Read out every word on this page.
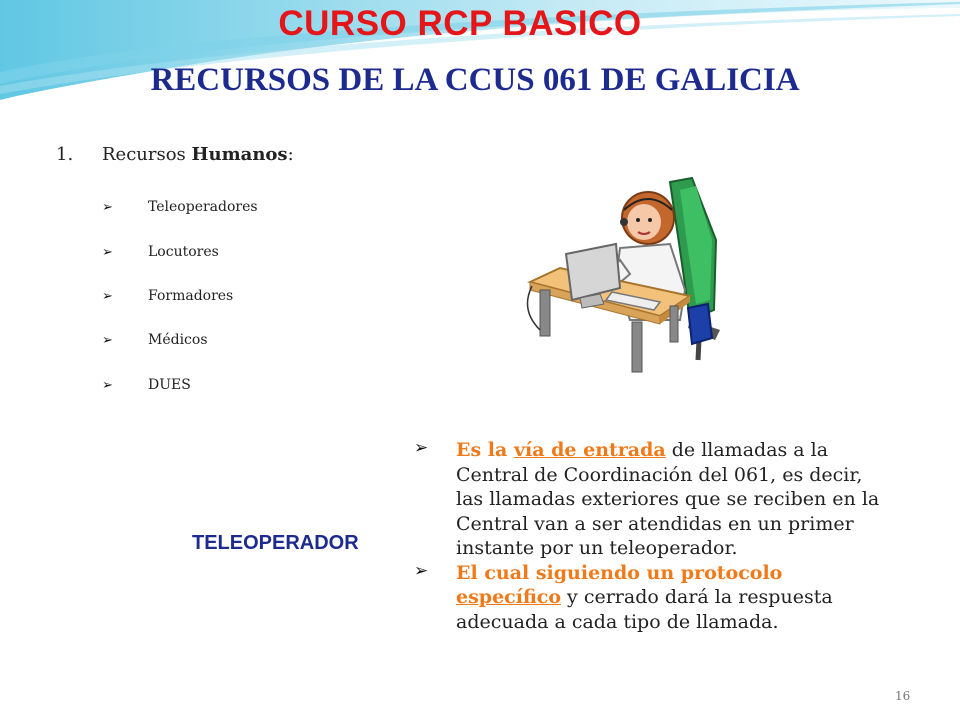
CURSO RCP BASICO
RECURSOS DE LA CCUS 061 DE GALICIA
1. Recursos Humanos:
➢	Teleoperadores
➢	Locutores
➢	Formadores
➢	Médicos
➢	DUES
TELEOPERADOR
➢ Es la vía de entrada de llamadas a la Central de Coordinación del 061, es decir, las llamadas exteriores que se reciben en la Central van a ser atendidas en un primer instante por un teleoperador.
➢ El cual siguiendo un protocolo específico y cerrado dará la respuesta adecuada a cada tipo de llamada.
16
